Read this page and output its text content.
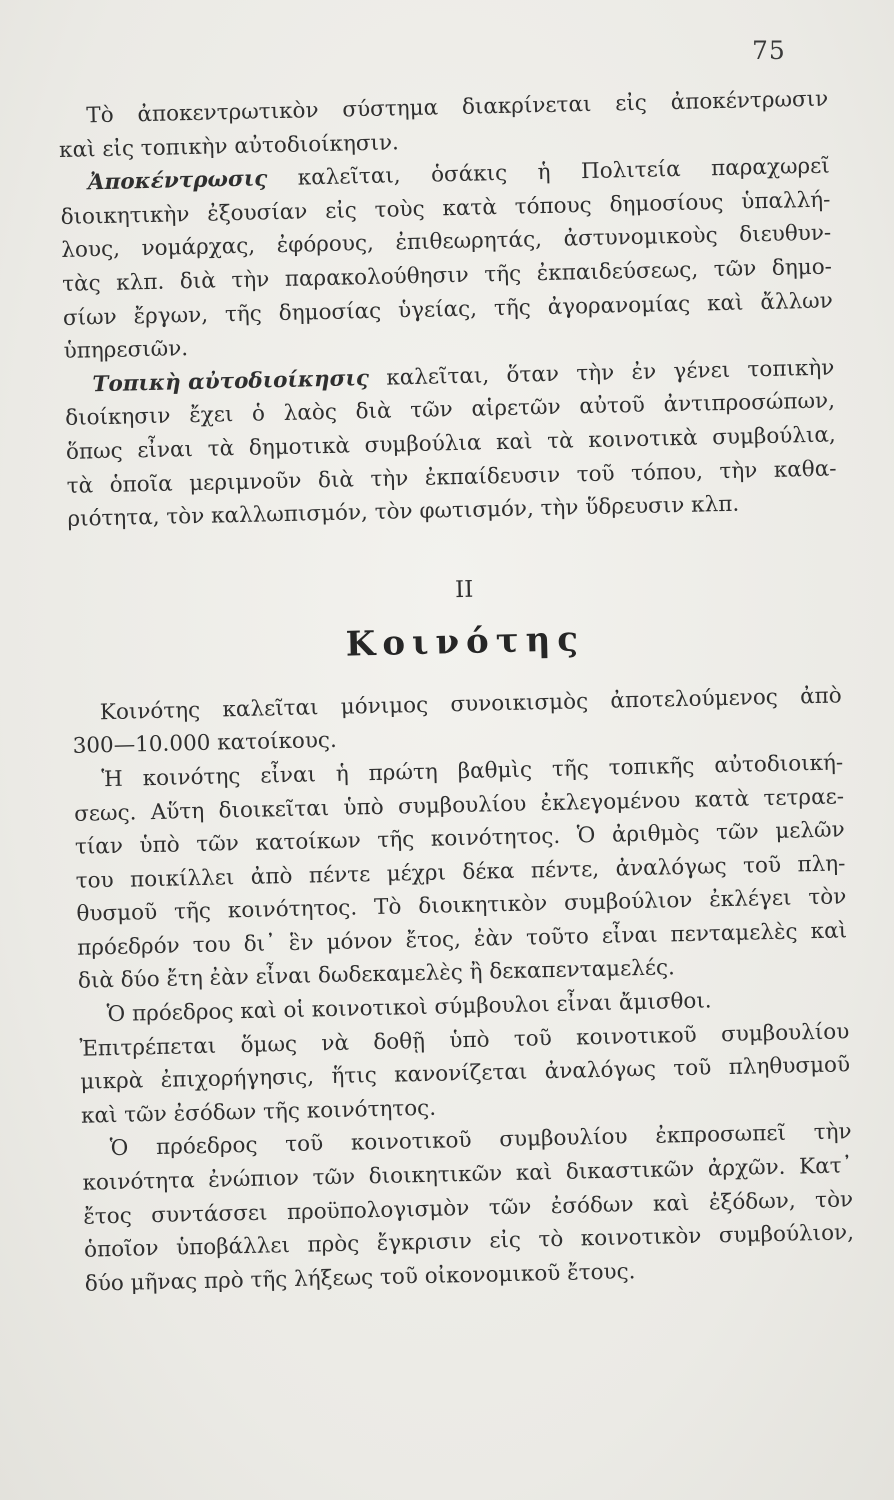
75
Τὸ ἀποκεντρωτικὸν σύστημα διακρίνεται εἰς ἀποκέντρωσιν
καὶ εἰς τοπικὴν αὐτοδιοίκησιν.
Ἀποκέντρωσις καλεῖται, ὁσάκις ἡ Πολιτεία παραχωρεῖ
διοικητικὴν ἐξουσίαν εἰς τοὺς κατὰ τόπους δημοσίους ὑπαλλή-
λους, νομάρχας, ἐφόρους, ἐπιθεωρητάς, ἀστυνομικοὺς διευθυν-
τὰς κλπ. διὰ τὴν παρακολούθησιν τῆς ἐκπαιδεύσεως, τῶν δημο-
σίων ἔργων, τῆς δημοσίας ὑγείας, τῆς ἀγορανομίας καὶ ἄλλων
ὑπηρεσιῶν.
Τοπικὴ αὐτοδιοίκησις καλεῖται, ὅταν τὴν ἐν γένει τοπικὴν
διοίκησιν ἔχει ὁ λαὸς διὰ τῶν αἱρετῶν αὐτοῦ ἀντιπροσώπων,
ὅπως εἶναι τὰ δημοτικὰ συμβούλια καὶ τὰ κοινοτικὰ συμβούλια,
τὰ ὁποῖα μεριμνοῦν διὰ τὴν ἐκπαίδευσιν τοῦ τόπου, τὴν καθα-
ριότητα, τὸν καλλωπισμόν, τὸν φωτισμόν, τὴν ὕδρευσιν κλπ.
II
Κοινότης
Κοινότης καλεῖται μόνιμος συνοικισμὸς ἀποτελούμενος ἀπὸ
300—10.000 κατοίκους.
Ἡ κοινότης εἶναι ἡ πρώτη βαθμὶς τῆς τοπικῆς αὐτοδιοική-
σεως. Αὕτη διοικεῖται ὑπὸ συμβουλίου ἐκλεγομένου κατὰ τετραε-
τίαν ὑπὸ τῶν κατοίκων τῆς κοινότητος. Ὁ ἀριθμὸς τῶν μελῶν
του ποικίλλει ἀπὸ πέντε μέχρι δέκα πέντε, ἀναλόγως τοῦ πλη-
θυσμοῦ τῆς κοινότητος. Τὸ διοικητικὸν συμβούλιον ἐκλέγει τὸν
πρόεδρόν του δι᾽ ἓν μόνον ἔτος, ἐὰν τοῦτο εἶναι πενταμελὲς καὶ
διὰ δύο ἔτη ἐὰν εἶναι δωδεκαμελὲς ἢ δεκαπενταμελές.
Ὁ πρόεδρος καὶ οἱ κοινοτικοὶ σύμβουλοι εἶναι ἄμισθοι.
Ἐπιτρέπεται ὅμως νὰ δοθῇ ὑπὸ τοῦ κοινοτικοῦ συμβουλίου
μικρὰ ἐπιχορήγησις, ἥτις κανονίζεται ἀναλόγως τοῦ πληθυσμοῦ
καὶ τῶν ἐσόδων τῆς κοινότητος.
Ὁ πρόεδρος τοῦ κοινοτικοῦ συμβουλίου ἐκπροσωπεῖ τὴν
κοινότητα ἐνώπιον τῶν διοικητικῶν καὶ δικαστικῶν ἀρχῶν. Κατ᾽
ἔτος συντάσσει προϋπολογισμὸν τῶν ἐσόδων καὶ ἐξόδων, τὸν
ὁποῖον ὑποβάλλει πρὸς ἔγκρισιν εἰς τὸ κοινοτικὸν συμβούλιον,
δύο μῆνας πρὸ τῆς λήξεως τοῦ οἰκονομικοῦ ἔτους.
